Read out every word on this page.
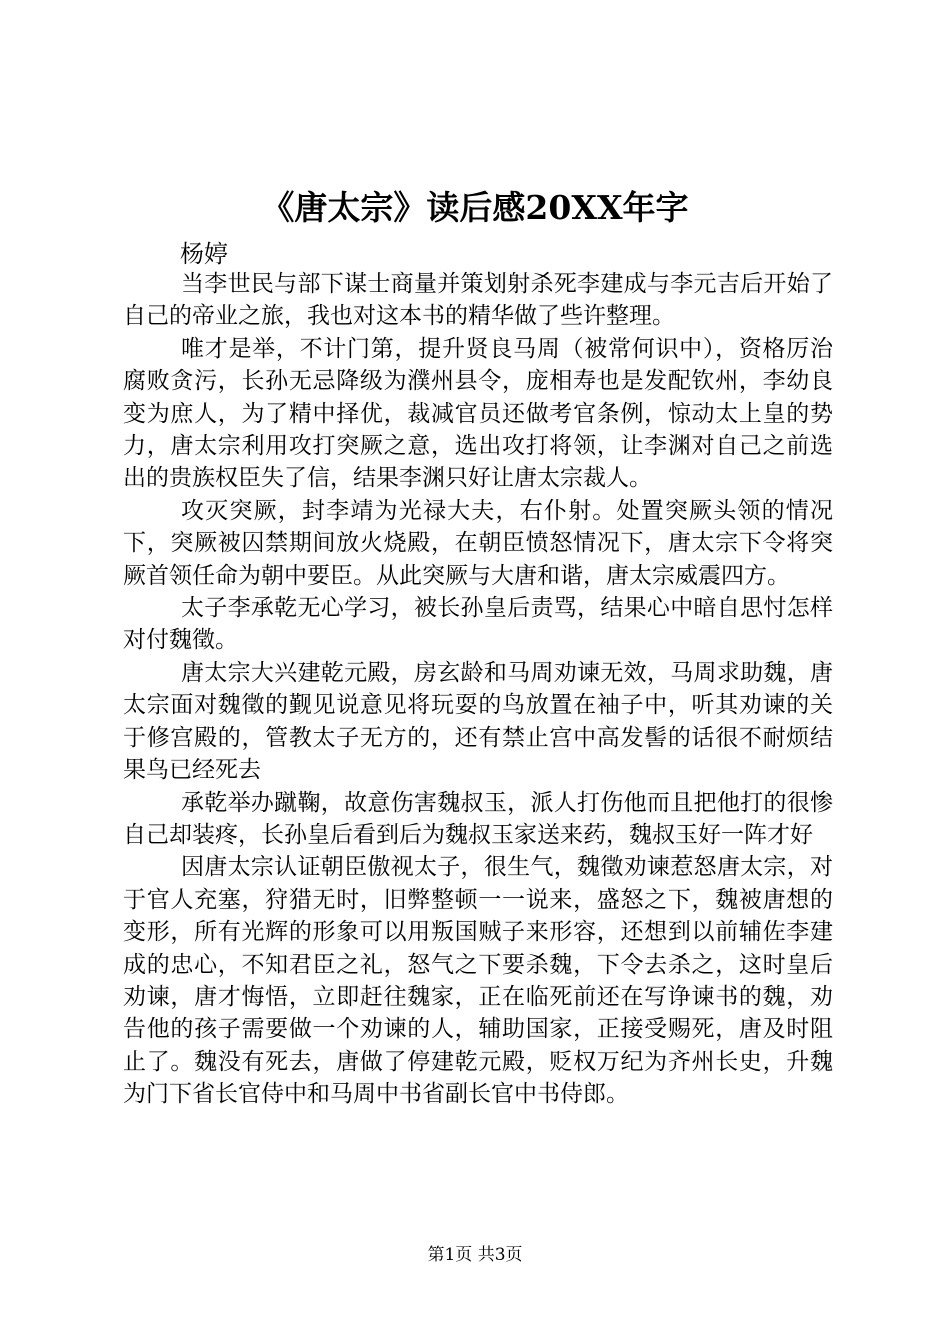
《唐太宗》读后感20XX年字
杨婷

当李世民与部下谋士商量并策划射杀死李建成与李元吉后开始了自己的帝业之旅，我也对这本书的精华做了些许整理。

唯才是举，不计门第，提升贤良马周（被常何识中），资格厉治腐败贪污，长孙无忌降级为濮州县令，庞相寿也是发配钦州，李幼良变为庶人，为了精中择优，裁减官员还做考官条例，惊动太上皇的势力，唐太宗利用攻打突厥之意，选出攻打将领，让李渊对自己之前选出的贵族权臣失了信，结果李渊只好让唐太宗裁人。

攻灭突厥，封李靖为光禄大夫，右仆射。处置突厥头领的情况下，突厥被囚禁期间放火烧殿，在朝臣愤怒情况下，唐太宗下令将突厥首领任命为朝中要臣。从此突厥与大唐和谐，唐太宗威震四方。

太子李承乾无心学习，被长孙皇后责骂，结果心中暗自思忖怎样对付魏徵。

唐太宗大兴建乾元殿，房玄龄和马周劝谏无效，马周求助魏，唐太宗面对魏徵的觐见说意见将玩耍的鸟放置在袖子中，听其劝谏的关于修宫殿的，管教太子无方的，还有禁止宫中高发髻的话很不耐烦结果鸟已经死去

承乾举办蹴鞠，故意伤害魏叔玉，派人打伤他而且把他打的很惨自己却装疼，长孙皇后看到后为魏叔玉家送来药，魏叔玉好一阵才好

因唐太宗认证朝臣傲视太子，很生气，魏徵劝谏惹怒唐太宗，对于官人充塞，狩猎无时，旧弊整顿一一说来，盛怒之下，魏被唐想的变形，所有光辉的形象可以用叛国贼子来形容，还想到以前辅佐李建成的忠心，不知君臣之礼，怒气之下要杀魏，下令去杀之，这时皇后劝谏，唐才悔悟，立即赶往魏家，正在临死前还在写诤谏书的魏，劝告他的孩子需要做一个劝谏的人，辅助国家，正接受赐死，唐及时阻止了。魏没有死去，唐做了停建乾元殿，贬权万纪为齐州长史，升魏为门下省长官侍中和马周中书省副长官中书侍郎。

第1页 共3页
